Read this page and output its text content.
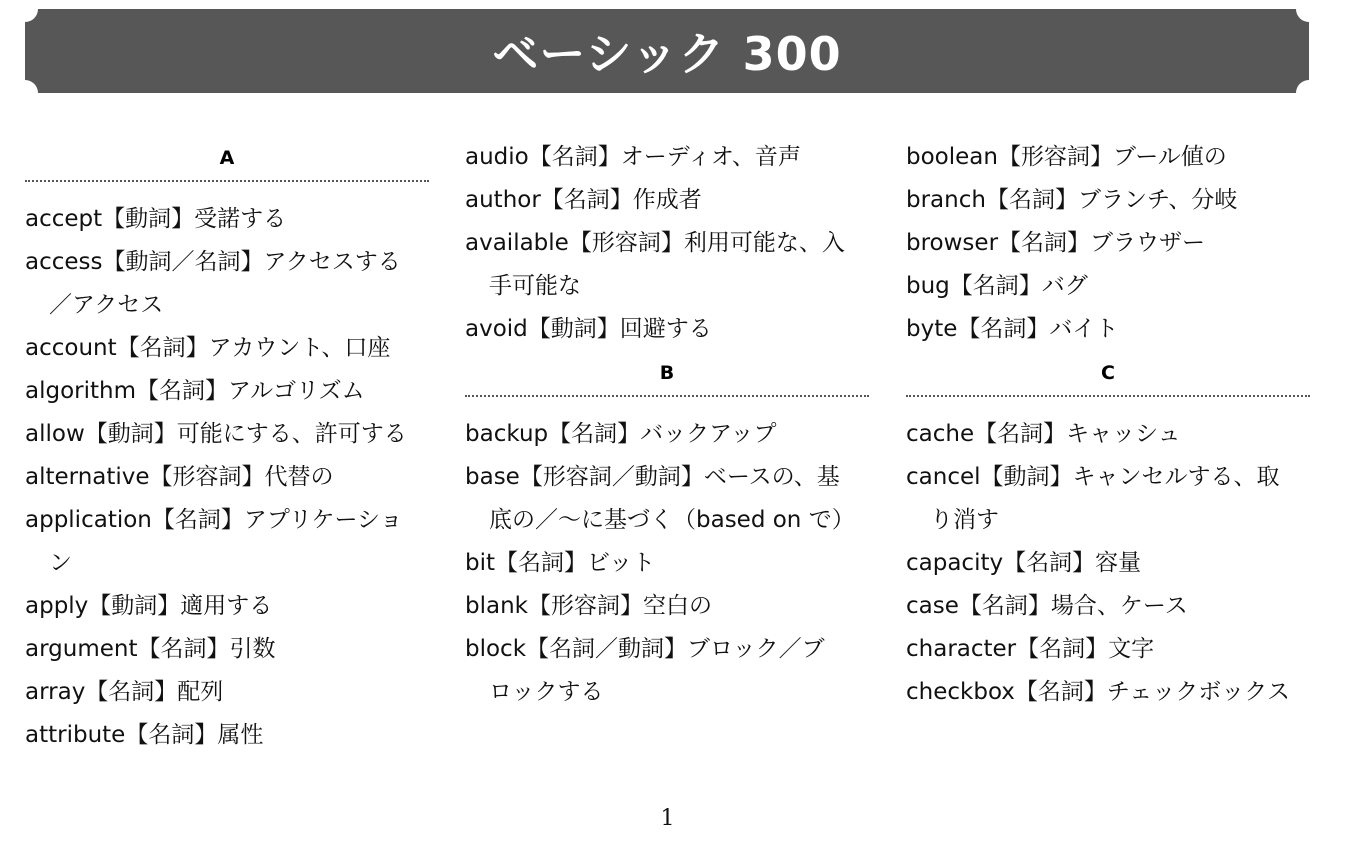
ベーシック 300
A
accept【動詞】受諾する
access【動詞／名詞】アクセスする
／アクセス
account【名詞】アカウント、口座
algorithm【名詞】アルゴリズム
allow【動詞】可能にする、許可する
alternative【形容詞】代替の
application【名詞】アプリケーショ
ン
apply【動詞】適用する
argument【名詞】引数
array【名詞】配列
attribute【名詞】属性
audio【名詞】オーディオ、音声
author【名詞】作成者
available【形容詞】利用可能な、入
手可能な
avoid【動詞】回避する
B
backup【名詞】バックアップ
base【形容詞／動詞】ベースの、基
底の／〜に基づく（based on で）
bit【名詞】ビット
blank【形容詞】空白の
block【名詞／動詞】ブロック／ブ
ロックする
boolean【形容詞】ブール値の
branch【名詞】ブランチ、分岐
browser【名詞】ブラウザー
bug【名詞】バグ
byte【名詞】バイト
C
cache【名詞】キャッシュ
cancel【動詞】キャンセルする、取
り消す
capacity【名詞】容量
case【名詞】場合、ケース
character【名詞】文字
checkbox【名詞】チェックボックス
1
